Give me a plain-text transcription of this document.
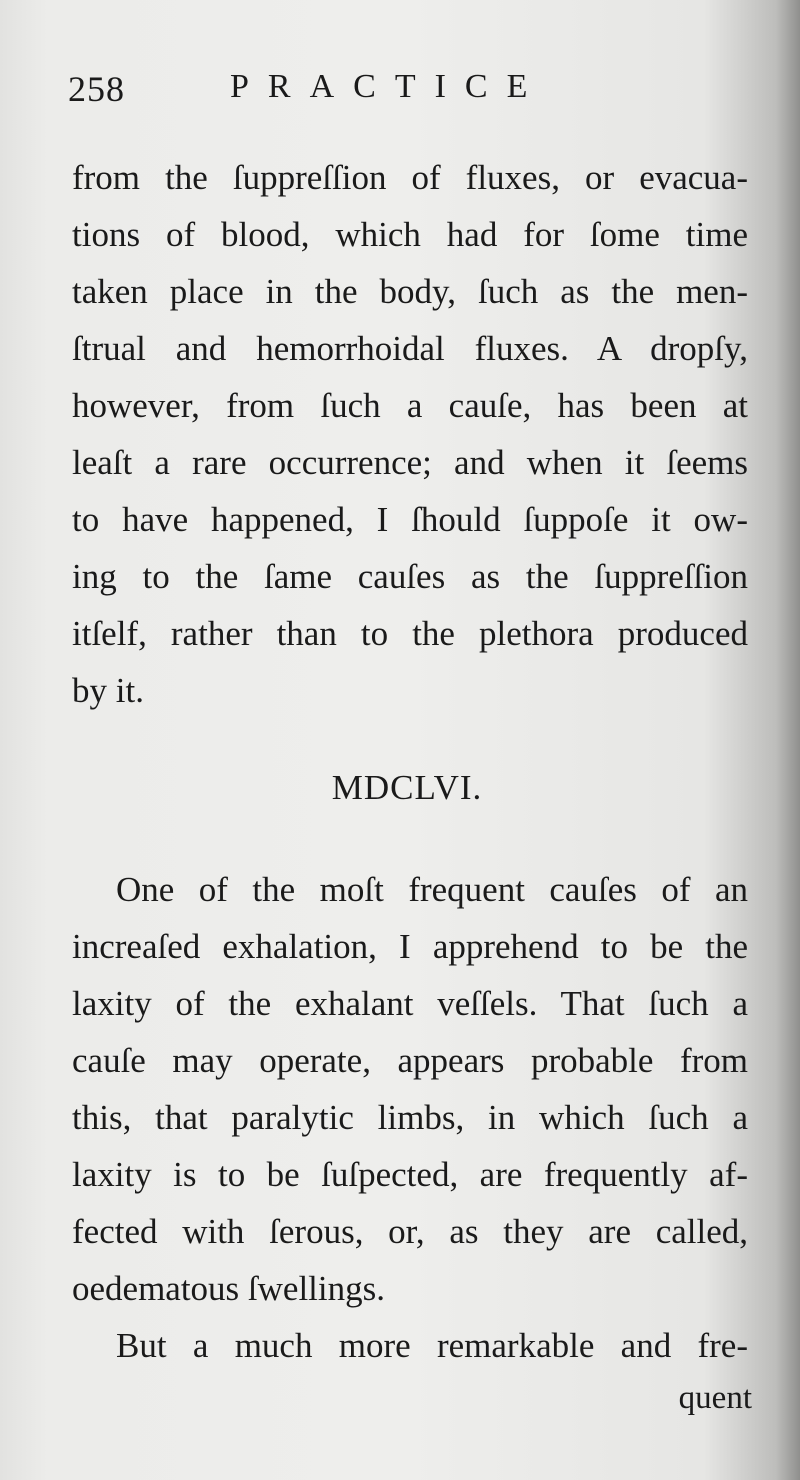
258	PRACTICE
from the ſuppreſſion of fluxes, or evacua-
tions of blood, which had for ſome time
taken place in the body, ſuch as the men-
ſtrual and hemorrhoidal fluxes. A dropſy,
however, from ſuch a cauſe, has been at
leaſt a rare occurrence; and when it ſeems
to have happened, I ſhould ſuppoſe it ow-
ing to the ſame cauſes as the ſuppreſſion
itſelf, rather than to the plethora produced
by it.
MDCLVI.
One of the moſt frequent cauſes of an
increaſed exhalation, I apprehend to be the
laxity of the exhalant veſſels. That ſuch a
cauſe may operate, appears probable from
this, that paralytic limbs, in which ſuch a
laxity is to be ſuſpected, are frequently af-
fected with ſerous, or, as they are called,
oedematous ſwellings.
But a much more remarkable and fre-
quent
